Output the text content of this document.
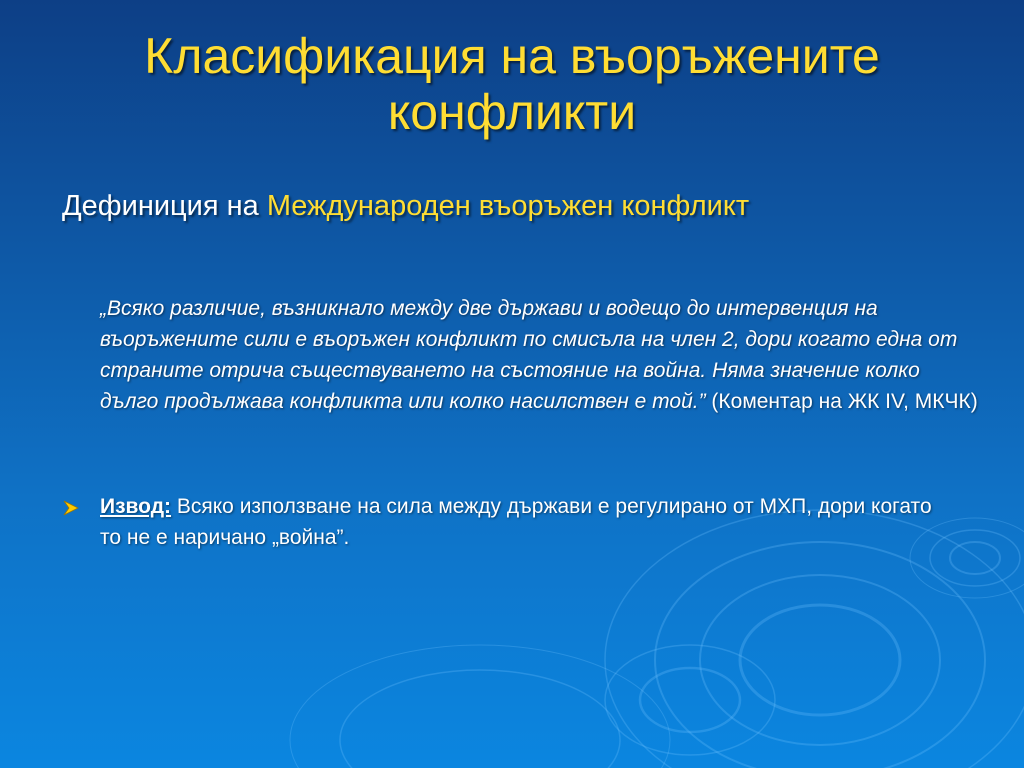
Класификация на въоръжените конфликти
Дефиниция на Международен въоръжен конфликт
„Всяко различие, възникнало между две държави и водещо до интервенция на въоръжените сили е въоръжен конфликт по смисъла на член 2, дори когато една от страните отрича съществуването на състояние на война. Няма значение колко дълго продължава конфликта или колко насилствен е той.” (Коментар на ЖК IV, МКЧК)
Извод: Всяко използване на сила между държави е регулирано от МХП, дори когато то не е наричано „война”.
